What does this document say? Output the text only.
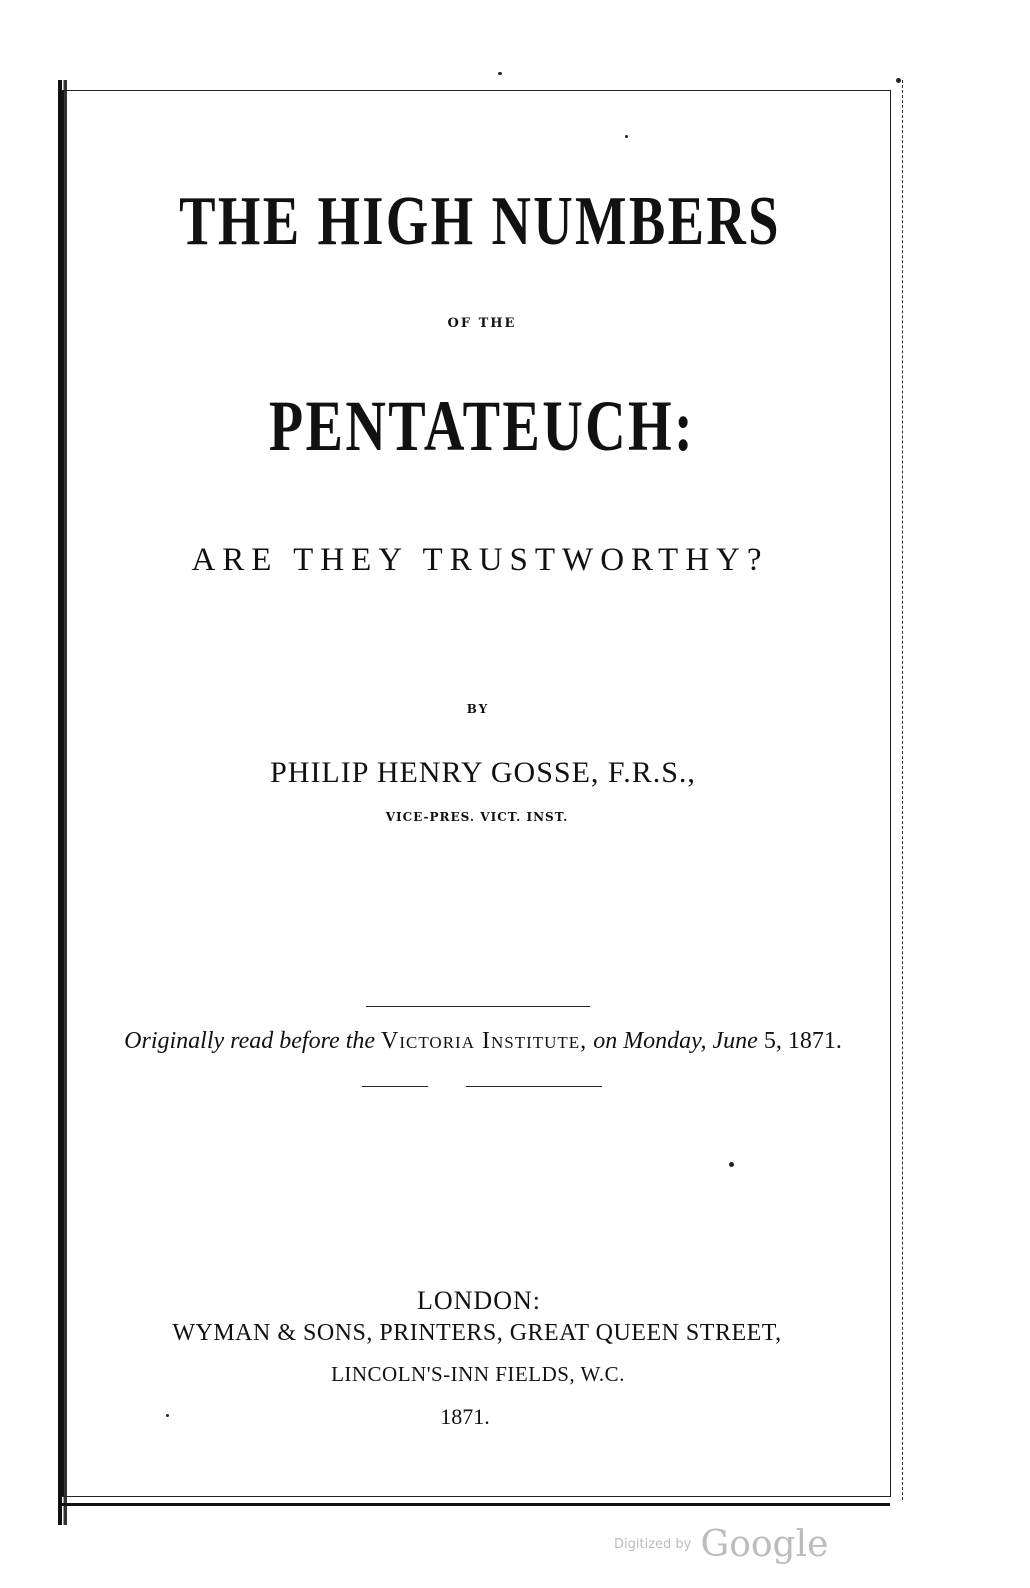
THE HIGH NUMBERS
OF THE
PENTATEUCH:
ARE THEY TRUSTWORTHY?
BY
PHILIP HENRY GOSSE, F.R.S.,
VICE-PRES. VICT. INST.
Originally read before the Victoria Institute, on Monday, June 5, 1871.
LONDON:
WYMAN & SONS, PRINTERS, GREAT QUEEN STREET,
LINCOLN'S-INN FIELDS, W.C.
1871.
Digitized by Google
